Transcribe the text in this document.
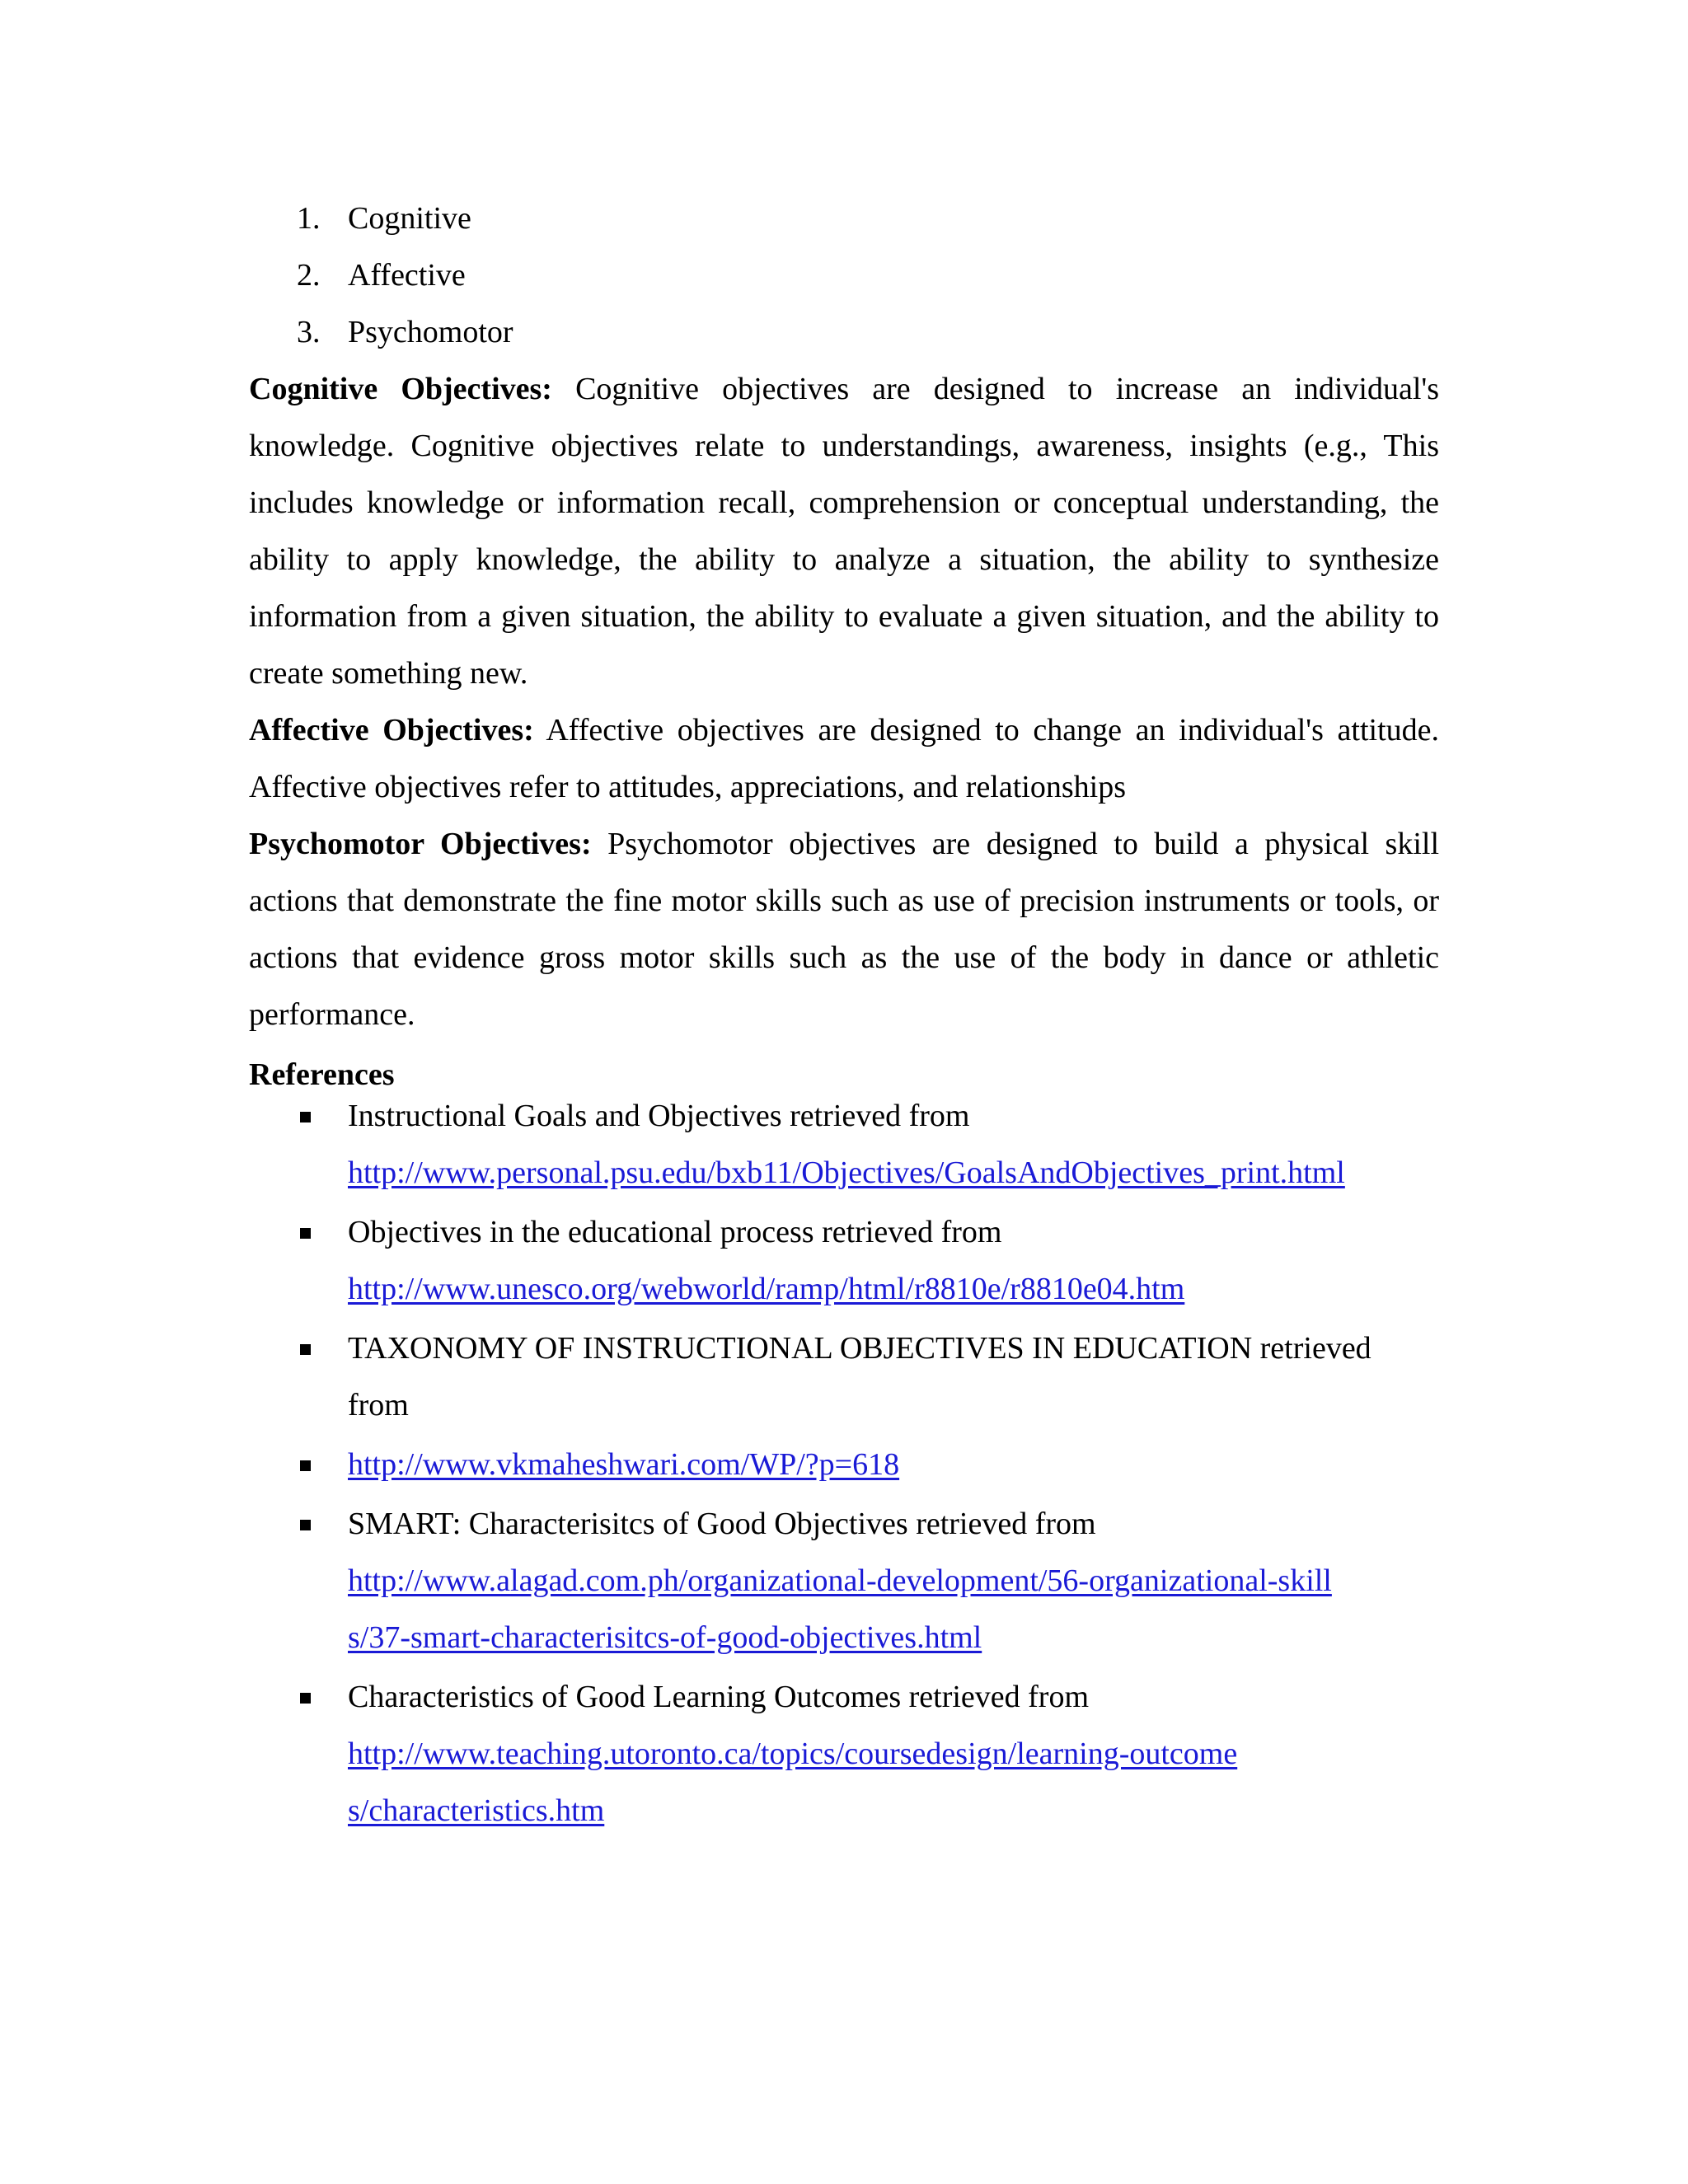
1. Cognitive
2. Affective
3. Psychomotor

Cognitive Objectives: Cognitive objectives are designed to increase an individual's knowledge. Cognitive objectives relate to understandings, awareness, insights (e.g., This includes knowledge or information recall, comprehension or conceptual understanding, the ability to apply knowledge, the ability to analyze a situation, the ability to synthesize information from a given situation, the ability to evaluate a given situation, and the ability to create something new.

Affective Objectives: Affective objectives are designed to change an individual's attitude. Affective objectives refer to attitudes, appreciations, and relationships

Psychomotor Objectives: Psychomotor objectives are designed to build a physical skill actions that demonstrate the fine motor skills such as use of precision instruments or tools, or actions that evidence gross motor skills such as the use of the body in dance or athletic performance.

References

Instructional Goals and Objectives retrieved from
http://www.personal.psu.edu/bxb11/Objectives/GoalsAndObjectives_print.html
Objectives in the educational process retrieved from
http://www.unesco.org/webworld/ramp/html/r8810e/r8810e04.htm
TAXONOMY OF INSTRUCTIONAL OBJECTIVES IN EDUCATION retrieved from
http://www.vkmaheshwari.com/WP/?p=618
SMART: Characterisitcs of Good Objectives retrieved from
http://www.alagad.com.ph/organizational-development/56-organizational-skills/37-smart-characterisitcs-of-good-objectives.html
Characteristics of Good Learning Outcomes retrieved from
http://www.teaching.utoronto.ca/topics/coursedesign/learning-outcomes/characteristics.htm
